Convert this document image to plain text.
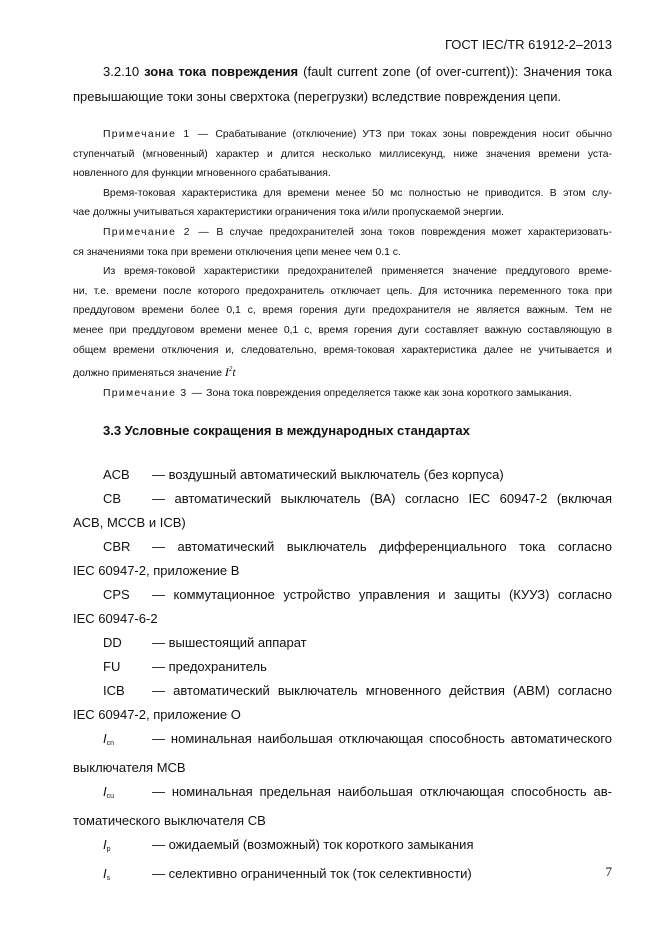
ГОСТ IEC/TR 61912-2–2013
3.2.10 зона тока повреждения (fault current zone (of over-current)): Значения тока
превышающие токи зоны сверхтока (перегрузки) вследствие повреждения цепи.
Примечание 1 — Срабатывание (отключение) УТЗ при токах зоны повреждения носит обычно
ступенчатый (мгновенный) характер и длится несколько миллисекунд, ниже значения времени уста-
новленного для функции мгновенного срабатывания.
Время-токовая характеристика для времени менее 50 мс полностью не приводится. В этом слу-
чае должны учитываться характеристики ограничения тока и/или пропускаемой энергии.
Примечание 2 — В случае предохранителей зона токов повреждения может характеризовать-
ся значениями тока при времени отключения цепи менее чем 0.1 с.
Из время-токовой характеристики предохранителей применяется значение преддугового време-
ни, т.е. времени после которого предохранитель отключает цепь. Для источника переменного тока при
преддуговом времени более 0,1 с, время горения дуги предохранителя не является важным. Тем не
менее при преддуговом времени менее 0,1 с, время горения дуги составляет важную составляющую в
общем времени отключения и, следовательно, время-токовая характеристика далее не учитывается и
должно применяться значение $I^2t$
Примечание 3 — Зона тока повреждения определяется также как зона короткого замыкания.
3.3 Условные сокращения в международных стандартах
ACB — воздушный автоматический выключатель (без корпуса)
CB — автоматический выключатель (ВА) согласно IEC 60947-2 (включая
ACB, MCCB и ICB)
CBR — автоматический выключатель дифференциального тока согласно
IEC 60947-2, приложение В
CPS — коммутационное устройство управления и защиты (КУУЗ) согласно
IEC 60947-6-2
DD — вышестоящий аппарат
FU — предохранитель
ICB — автоматический выключатель мгновенного действия (АВМ) согласно
IEC 60947-2, приложение О
$I_{cn}$	— номинальная наибольшая отключающая способность автоматического
выключателя MCB
$I_{cu}$	— номинальная предельная наибольшая отключающая способность ав-
томатического выключателя CB
$I_p$	— ожидаемый (возможный) ток короткого замыкания
$I_s$	— селективно ограниченный ток (ток селективности)	7
